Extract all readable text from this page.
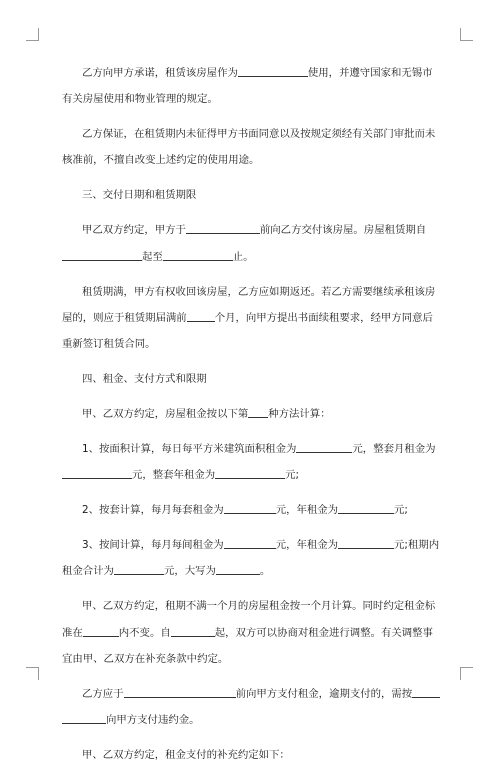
乙方向甲方承诺，租赁该房屋作为	使用，并遵守国家和无锡市有关房屋使用和物业管理的规定。

乙方保证，在租赁期内未征得甲方书面同意以及按规定须经有关部门审批而未核准前，不擅自改变上述约定的使用用途。

三、交付日期和租赁期限

甲乙双方约定，甲方于	前向乙方交付该房屋。房屋租赁期自起至	止。

租赁期满，甲方有权收回该房屋，乙方应如期返还。若乙方需要继续承租该房屋的，则应于租赁期届满前	个月，向甲方提出书面续租要求，经甲方同意后重新签订租赁合同。

四、租金、支付方式和限期

甲、乙双方约定，房屋租金按以下第 种方法计算：

1、按面积计算，每日每平方米建筑面积租金为	元，整套月租金为元，整套年租金为	元;

2、按套计算，每月每套租金为	元，年租金为	元;

3、按间计算，每月每间租金为	元，年租金为	元;租期内租金合计为	元，大写为	。

甲、乙双方约定，租期不满一个月的房屋租金按一个月计算。同时约定租金标准在	内不变。自	起，双方可以协商对租金进行调整。有关调整事宜由甲、乙双方在补充条款中约定。

乙方应于	前向甲方支付租金，逾期支付的，需按向甲方支付违约金。

甲、乙双方约定，租金支付的补充约定如下：
